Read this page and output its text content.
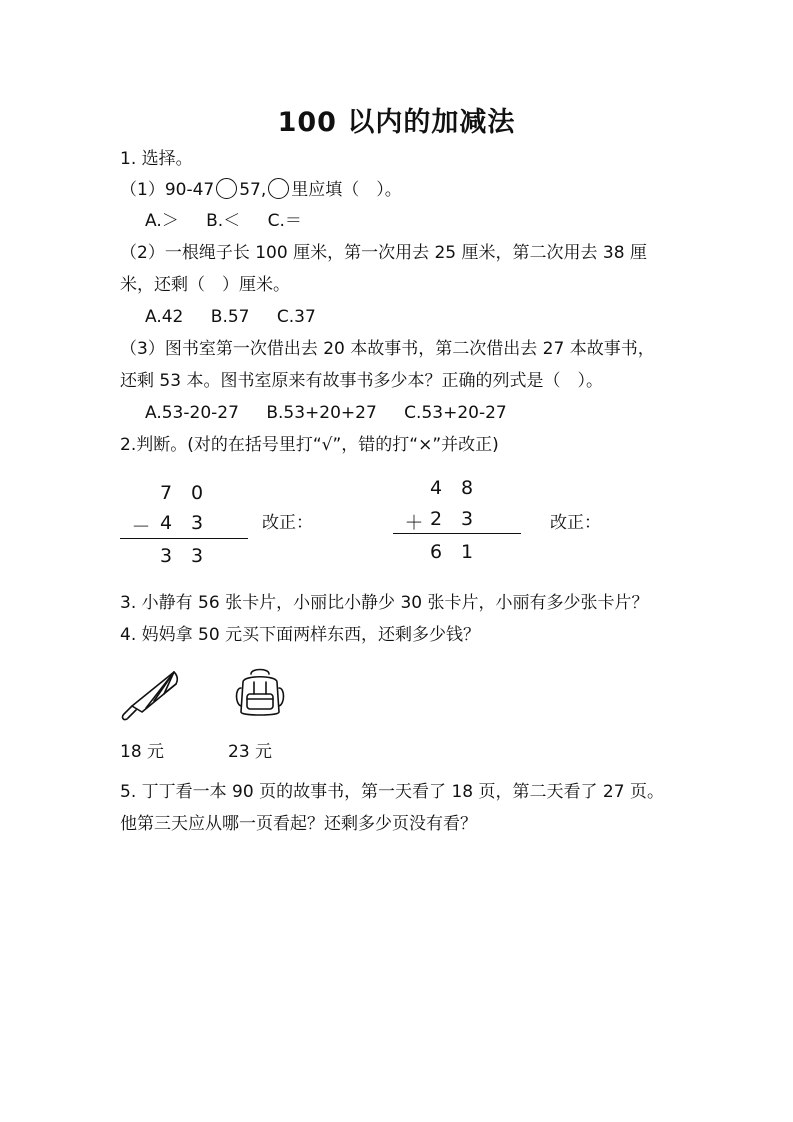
100 以内的加减法
1. 选择。
（1）90-47 57, 里应填（　）。
A.＞ B.＜ C.＝
（2）一根绳子长 100 厘米，第一次用去 25 厘米，第二次用去 38 厘
米，还剩（　）厘米。
A.42 B.57 C.37
（3）图书室第一次借出去 20 本故事书，第二次借出去 27 本故事书，
还剩 53 本。图书室原来有故事书多少本？正确的列式是（　）。
A.53-20-27 B.53+20+27 C.53+20-27
2.判断。(对的在括号里打“√”，错的打“×”并改正)
7 0
－ 4 3
3 3
改正：
4 8
＋ 2 3
6 1
改正：
3. 小静有 56 张卡片，小丽比小静少 30 张卡片，小丽有多少张卡片？
4. 妈妈拿 50 元买下面两样东西，还剩多少钱？
18 元	23 元
5. 丁丁看一本 90 页的故事书，第一天看了 18 页，第二天看了 27 页。
他第三天应从哪一页看起？还剩多少页没有看？
